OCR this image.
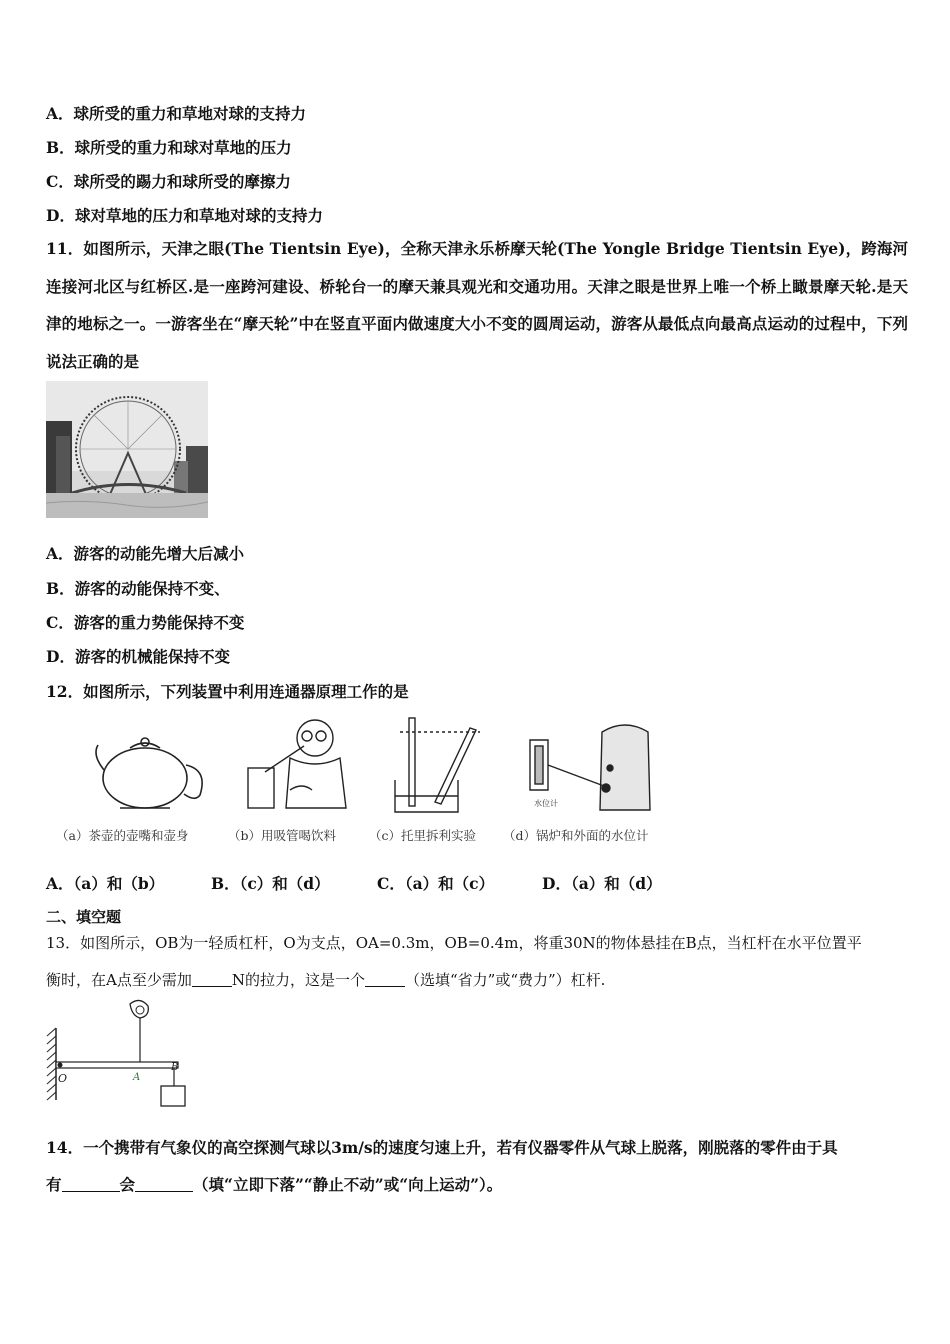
A．球所受的重力和草地对球的支持力
B．球所受的重力和球对草地的压力
C．球所受的踢力和球所受的摩擦力
D．球对草地的压力和草地对球的支持力
11．如图所示，天津之眼(The Tientsin Eye)，全称天津永乐桥摩天轮(The Yongle Bridge Tientsin Eye)，跨海河连接河北区与红桥区.是一座跨河建设、桥轮台一的摩天兼具观光和交通功用。天津之眼是世界上唯一个桥上瞰景摩天轮.是天津的地标之一。一游客坐在“摩天轮”中在竖直平面内做速度大小不变的圆周运动，游客从最低点向最高点运动的过程中，下列说法正确的是
A．游客的动能先增大后减小
B．游客的动能保持不变、
C．游客的重力势能保持不变
D．游客的机械能保持不变
12．如图所示，下列装置中利用连通器原理工作的是
水位计
（a）茶壶的壶嘴和壶身	（b）用吸管喝饮料	（c）托里拆利实验 （d）锅炉和外面的水位计
A．（a）和（b）	B．（c）和（d）	C．（a）和（c）	D．（a）和（d）
二、填空题
13．如图所示，OB为一轻质杠杆，O为支点，OA=0.3m，OB=0.4m，将重30N的物体悬挂在B点，当杠杆在水平位置平
衡时，在A点至少需加	N的拉力，这是一个	（选填“省力”或“费力”）杠杆.
O	A
B
14．一个携带有气象仪的高空探测气球以3m/s的速度匀速上升，若有仪器零件从气球上脱落，刚脱落的零件由于具
有	会	（填“立即下落”“静止不动”或“向上运动”）。
